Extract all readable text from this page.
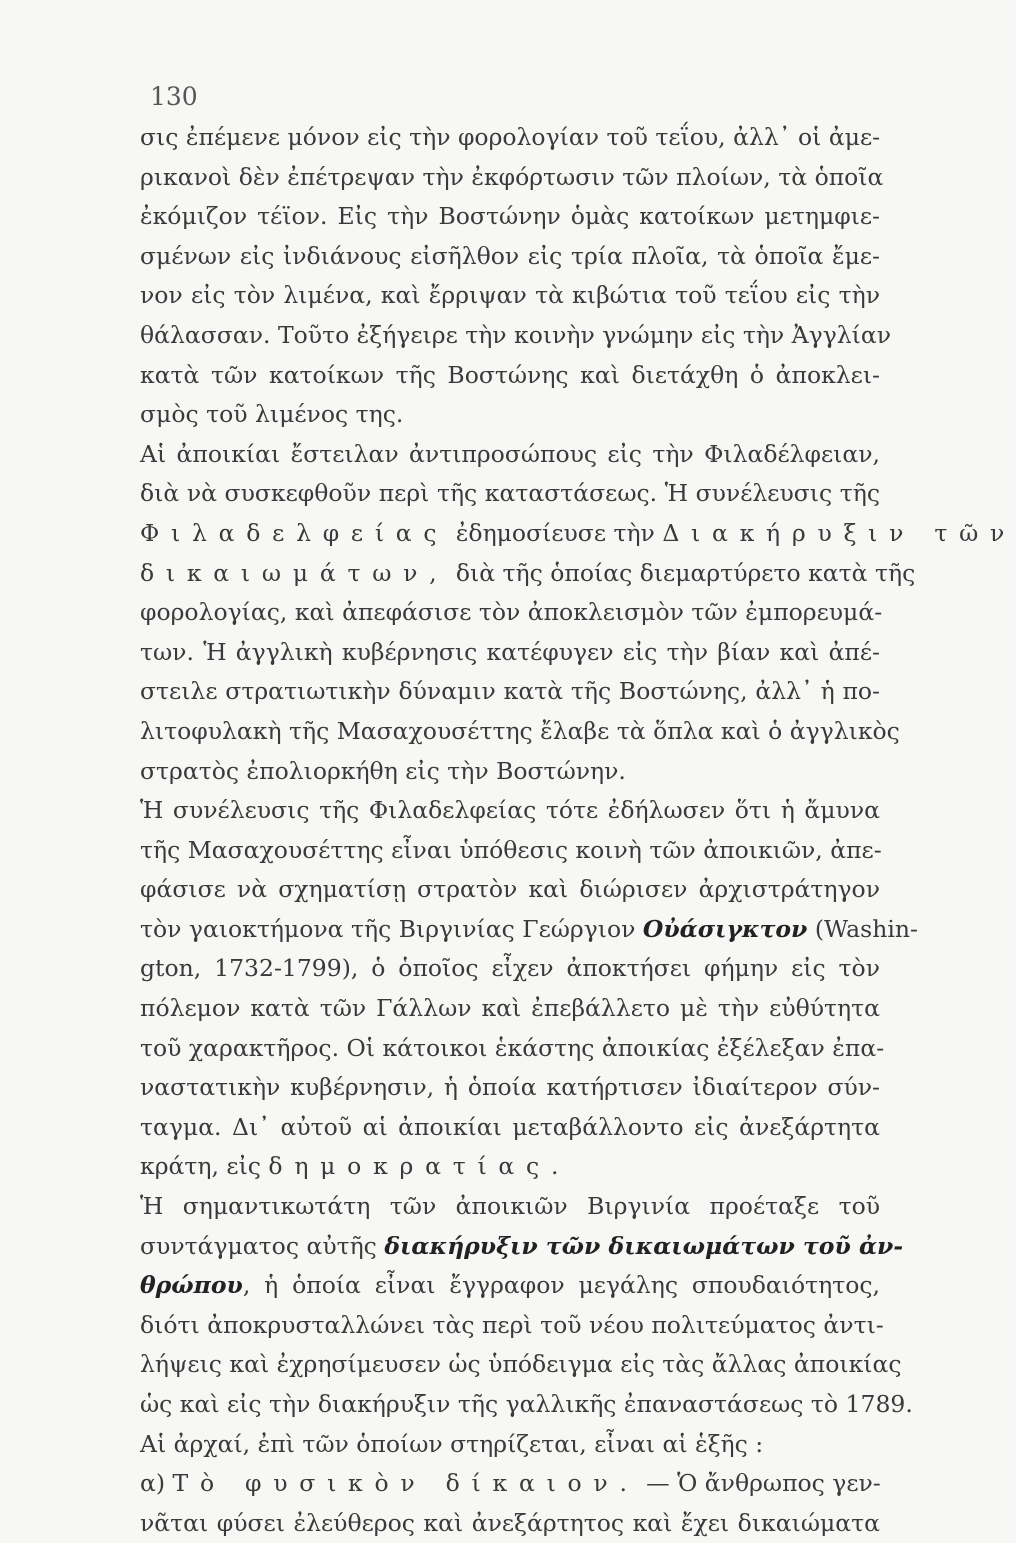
130
σις ἐπέμενε μόνον εἰς τὴν φορολογίαν τοῦ τεΐου, ἀλλ᾽ οἱ ἀμε-
ρικανοὶ δὲν ἐπέτρεψαν τὴν ἐκφόρτωσιν τῶν πλοίων, τὰ ὁποῖα
ἐκόμιζον τέϊον. Εἰς τὴν Βοστώνην ὁμὰς κατοίκων μετημφιε-
σμένων εἰς ἰνδιάνους εἰσῆλθον εἰς τρία πλοῖα, τὰ ὁποῖα ἔμε-
νον εἰς τὸν λιμένα, καὶ ἔρριψαν τὰ κιβώτια τοῦ τεΐου εἰς τὴν
θάλασσαν. Τοῦτο ἐξήγειρε τὴν κοινὴν γνώμην εἰς τὴν Ἀγγλίαν
κατὰ τῶν κατοίκων τῆς Βοστώνης καὶ διετάχθη ὁ ἀποκλει-
σμὸς τοῦ λιμένος της.
Αἱ ἀποικίαι ἔστειλαν ἀντιπροσώπους εἰς τὴν Φιλαδέλφειαν,
διὰ νὰ συσκεφθοῦν περὶ τῆς καταστάσεως. Ἡ συνέλευσις τῆς
Φιλαδελφείας ἐδημοσίευσε τὴν Διακήρυξιν τῶν
δικαιωμάτων, διὰ τῆς ὁποίας διεμαρτύρετο κατὰ τῆς
φορολογίας, καὶ ἀπεφάσισε τὸν ἀποκλεισμὸν τῶν ἐμπορευμά-
των. Ἡ ἀγγλικὴ κυβέρνησις κατέφυγεν εἰς τὴν βίαν καὶ ἀπέ-
στειλε στρατιωτικὴν δύναμιν κατὰ τῆς Βοστώνης, ἀλλ᾽ ἡ πο-
λιτοφυλακὴ τῆς Μασαχουσέττης ἔλαβε τὰ ὅπλα καὶ ὁ ἀγγλικὸς
στρατὸς ἐπολιορκήθη εἰς τὴν Βοστώνην.
Ἡ συνέλευσις τῆς Φιλαδελφείας τότε ἐδήλωσεν ὅτι ἡ ἄμυνα
τῆς Μασαχουσέττης εἶναι ὑπόθεσις κοινὴ τῶν ἀποικιῶν, ἀπε-
φάσισε νὰ σχηματίσῃ στρατὸν καὶ διώρισεν ἀρχιστράτηγον
τὸν γαιοκτήμονα τῆς Βιργινίας Γεώργιον Οὐάσιγκτον (Washin-
gton, 1732-1799), ὁ ὁποῖος εἶχεν ἀποκτήσει φήμην εἰς τὸν
πόλεμον κατὰ τῶν Γάλλων καὶ ἐπεβάλλετο μὲ τὴν εὐθύτητα
τοῦ χαρακτῆρος. Οἱ κάτοικοι ἑκάστης ἀποικίας ἐξέλεξαν ἐπα-
ναστατικὴν κυβέρνησιν, ἡ ὁποία κατήρτισεν ἰδιαίτερον σύν-
ταγμα. Δι᾽ αὐτοῦ αἱ ἀποικίαι μεταβάλλοντο εἰς ἀνεξάρτητα
κράτη, εἰς δημοκρατίας.
Ἡ σημαντικωτάτη τῶν ἀποικιῶν Βιργινία προέταξε τοῦ
συντάγματος αὐτῆς διακήρυξιν τῶν δικαιωμάτων τοῦ ἀν-
θρώπου, ἡ ὁποία εἶναι ἔγγραφον μεγάλης σπουδαιότητος,
διότι ἀποκρυσταλλώνει τὰς περὶ τοῦ νέου πολιτεύματος ἀντι-
λήψεις καὶ ἐχρησίμευσεν ὡς ὑπόδειγμα εἰς τὰς ἄλλας ἀποικίας
ὡς καὶ εἰς τὴν διακήρυξιν τῆς γαλλικῆς ἐπαναστάσεως τὸ 1789.
Αἱ ἀρχαί, ἐπὶ τῶν ὁποίων στηρίζεται, εἶναι αἱ ἑξῆς :
α) Τὸ φυσικὸν δίκαιον. — Ὁ ἄνθρωπος γεν-
νᾶται φύσει ἐλεύθερος καὶ ἀνεξάρτητος καὶ ἔχει δικαιώματα
